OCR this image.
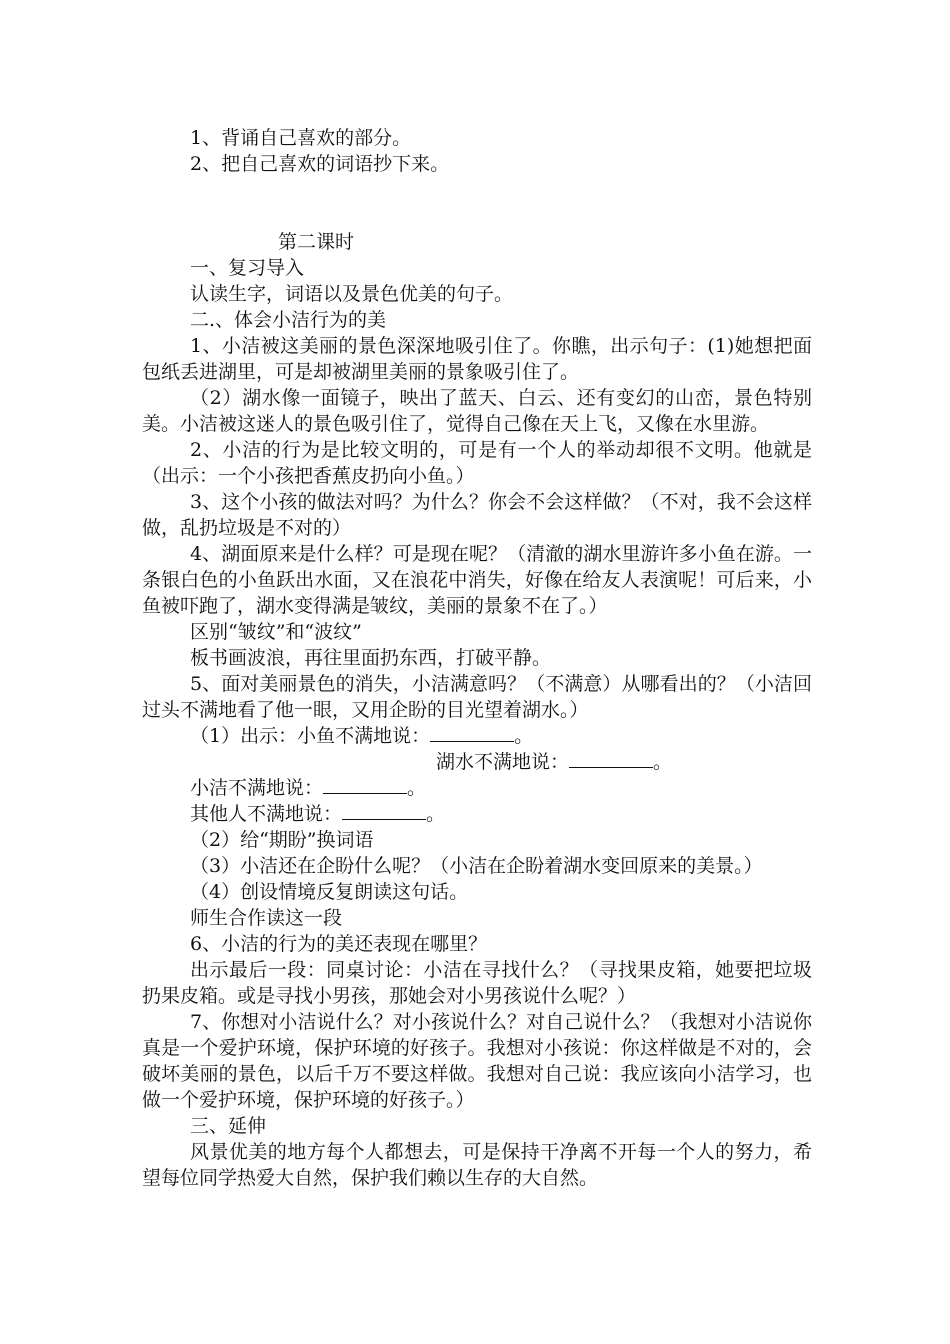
1、背诵自己喜欢的部分。

2、把自己喜欢的词语抄下来。

第二课时

一、复习导入

认读生字，词语以及景色优美的句子。

二.、体会小洁行为的美

1、小洁被这美丽的景色深深地吸引住了。你瞧，出示句子：(1)她想把面包纸丢进湖里，可是却被湖里美丽的景象吸引住了。

（2）湖水像一面镜子，映出了蓝天、白云、还有变幻的山峦，景色特别美。小洁被这迷人的景色吸引住了，觉得自己像在天上飞，又像在水里游。

2、小洁的行为是比较文明的，可是有一个人的举动却很不文明。他就是（出示：一个小孩把香蕉皮扔向小鱼。）

3、这个小孩的做法对吗？为什么？你会不会这样做？（不对，我不会这样做，乱扔垃圾是不对的）

4、湖面原来是什么样？可是现在呢？（清澈的湖水里游许多小鱼在游。一条银白色的小鱼跃出水面，又在浪花中消失，好像在给友人表演呢！可后来，小鱼被吓跑了，湖水变得满是皱纹，美丽的景象不在了。）

区别“皱纹”和“波纹”

板书画波浪，再往里面扔东西，打破平静。

5、面对美丽景色的消失，小洁满意吗？（不满意）从哪看出的？（小洁回过头不满地看了他一眼，又用企盼的目光望着湖水。）

（1）出示：小鱼不满地说：	。

湖水不满地说：	。

小洁不满地说：	。

其他人不满地说：	。

（2）给“期盼”换词语

（3）小洁还在企盼什么呢？（小洁在企盼着湖水变回原来的美景。）

（4）创设情境反复朗读这句话。

师生合作读这一段

6、小洁的行为的美还表现在哪里？

出示最后一段：同桌讨论：小洁在寻找什么？（寻找果皮箱，她要把垃圾扔果皮箱。或是寻找小男孩，那她会对小男孩说什么呢？）

7、你想对小洁说什么？对小孩说什么？对自己说什么？（我想对小洁说你真是一个爱护环境，保护环境的好孩子。我想对小孩说：你这样做是不对的，会破坏美丽的景色，以后千万不要这样做。我想对自己说：我应该向小洁学习，也做一个爱护环境，保护环境的好孩子。）

三、延伸

风景优美的地方每个人都想去，可是保持干净离不开每一个人的努力，希望每位同学热爱大自然，保护我们赖以生存的大自然。
